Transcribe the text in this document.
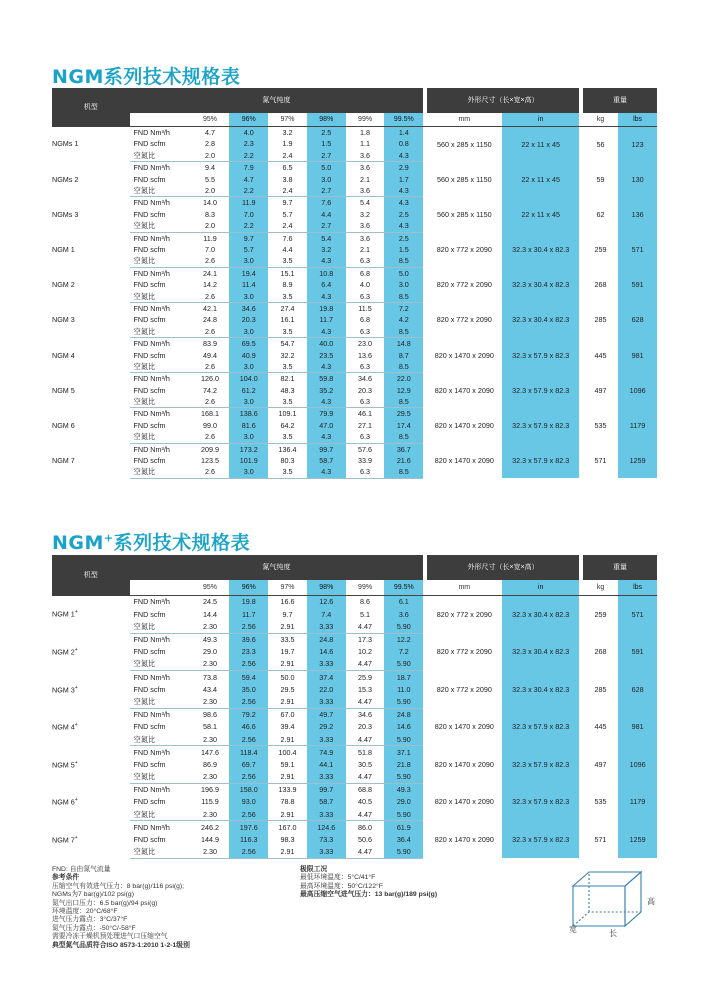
NGM系列技术规格表
机型	氮气纯度								外形尺寸（长×宽×高）			重量	
		95%	96%	97%	98%	99%	99.5%		mm	in		kg	lbs
NGMs 1	FND Nm³/h	4.7	4.0	3.2	2.5	1.8	1.4		560 x 285 x 1150	22 x 11 x 45		56	123
	FND scfm	2.8	2.3	1.9	1.5	1.1	0.8						
	空氮比	2.0	2.2	2.4	2.7	3.6	4.3						
NGMs 2	FND Nm³/h	9.4	7.9	6.5	5.0	3.6	2.9		560 x 285 x 1150	22 x 11 x 45		59	130
	FND scfm	5.5	4.7	3.8	3.0	2.1	1.7						
	空氮比	2.0	2.2	2.4	2.7	3.6	4.3						
NGMs 3	FND Nm³/h	14.0	11.9	9.7	7.6	5.4	4.3		560 x 285 x 1150	22 x 11 x 45		62	136
	FND scfm	8.3	7.0	5.7	4.4	3.2	2.5						
	空氮比	2.0	2.2	2.4	2.7	3.6	4.3						
NGM 1	FND Nm³/h	11.9	9.7	7.6	5.4	3.6	2.5		820 x 772 x 2090	32.3 x 30.4 x 82.3		259	571
	FND scfm	7.0	5.7	4.4	3.2	2.1	1.5						
	空氮比	2.6	3.0	3.5	4.3	6.3	8.5						
NGM 2	FND Nm³/h	24.1	19.4	15.1	10.8	6.8	5.0		820 x 772 x 2090	32.3 x 30.4 x 82.3		268	591
	FND scfm	14.2	11.4	8.9	6.4	4.0	3.0						
	空氮比	2.6	3.0	3.5	4.3	6.3	8.5						
NGM 3	FND Nm³/h	42.1	34.6	27.4	19.8	11.5	7.2		820 x 772 x 2090	32.3 x 30.4 x 82.3		285	628
	FND scfm	24.8	20.3	16.1	11.7	6.8	4.2						
	空氮比	2.6	3.0	3.5	4.3	6.3	8.5						
NGM 4	FND Nm³/h	83.9	69.5	54.7	40.0	23.0	14.8		820 x 1470 x 2090	32.3 x 57.9 x 82.3		445	981
	FND scfm	49.4	40.9	32.2	23.5	13.6	8.7						
	空氮比	2.6	3.0	3.5	4.3	6.3	8.5						
NGM 5	FND Nm³/h	126.0	104.0	82.1	59.8	34.6	22.0		820 x 1470 x 2090	32.3 x 57.9 x 82.3		497	1096
	FND scfm	74.2	61.2	48.3	35.2	20.3	12.9						
	空氮比	2.6	3.0	3.5	4.3	6.3	8.5						
NGM 6	FND Nm³/h	168.1	138.6	109.1	79.9	46.1	29.5		820 x 1470 x 2090	32.3 x 57.9 x 82.3		535	1179
	FND scfm	99.0	81.6	64.2	47.0	27.1	17.4						
	空氮比	2.6	3.0	3.5	4.3	6.3	8.5						
NGM 7	FND Nm³/h	209.9	173.2	136.4	99.7	57.6	36.7		820 x 1470 x 2090	32.3 x 57.9 x 82.3		571	1259
	FND scfm	123.5	101.9	80.3	58.7	33.9	21.6						
	空氮比	2.6	3.0	3.5	4.3	6.3	8.5						
NGM+系列技术规格表
机型	氮气纯度								外形尺寸（长×宽×高）			重量	
		95%	96%	97%	98%	99%	99.5%		mm	in		kg	lbs
NGM 1+	FND Nm³/h	24.5	19.8	16.6	12.6	8.6	6.1		820 x 772 x 2090	32.3 x 30.4 x 82.3		259	571
	FND scfm	14.4	11.7	9.7	7.4	5.1	3.6						
	空氮比	2.30	2.56	2.91	3.33	4.47	5.90						
NGM 2+	FND Nm³/h	49.3	39.6	33.5	24.8	17.3	12.2		820 x 772 x 2090	32.3 x 30.4 x 82.3		268	591
	FND scfm	29.0	23.3	19.7	14.6	10.2	7.2						
	空氮比	2.30	2.56	2.91	3.33	4.47	5.90						
NGM 3+	FND Nm³/h	73.8	59.4	50.0	37.4	25.9	18.7		820 x 772 x 2090	32.3 x 30.4 x 82.3		285	628
	FND scfm	43.4	35.0	29.5	22.0	15.3	11.0						
	空氮比	2.30	2.56	2.91	3.33	4.47	5.90						
NGM 4+	FND Nm³/h	98.6	79.2	67.0	49.7	34.6	24.8		820 x 1470 x 2090	32.3 x 57.9 x 82.3		445	981
	FND scfm	58.1	46.6	39.4	29.2	20.3	14.6						
	空氮比	2.30	2.56	2.91	3.33	4.47	5.90						
NGM 5+	FND Nm³/h	147.6	118.4	100.4	74.9	51.8	37.1		820 x 1470 x 2090	32.3 x 57.9 x 82.3		497	1096
	FND scfm	86.9	69.7	59.1	44.1	30.5	21.8						
	空氮比	2.30	2.56	2.91	3.33	4.47	5.90						
NGM 6+	FND Nm³/h	196.9	158.0	133.9	99.7	68.8	49.3		820 x 1470 x 2090	32.3 x 57.9 x 82.3		535	1179
	FND scfm	115.9	93.0	78.8	58.7	40.5	29.0						
	空氮比	2.30	2.56	2.91	3.33	4.47	5.90						
NGM 7+	FND Nm³/h	246.2	197.6	167.0	124.6	86.0	61.9		820 x 1470 x 2090	32.3 x 57.9 x 82.3		571	1259
	FND scfm	144.9	116.3	98.3	73.3	50.6	36.4						
	空氮比	2.30	2.56	2.91	3.33	4.47	5.90						
FND: 自由氮气流量
参考条件
压缩空气有效进气压力：8 bar(g)/116 psi(g);
NGMs为7 bar(g)/102 psi(g)
氮气出口压力：6.5 bar(g)/94 psi(g)
环境温度：20°C/68°F
进气压力露点：3°C/37°F
氮气压力露点：-50°C/-58°F
需要冷冻干燥机预处理进气口压缩空气
典型氮气品质符合ISO 8573-1:2010 1-2-1级别
极限工况
最低环境温度：5°C/41°F
最高环境温度：50°C/122°F
最高压缩空气进气压力：13 bar(g)/189 psi(g)
高
宽	长
